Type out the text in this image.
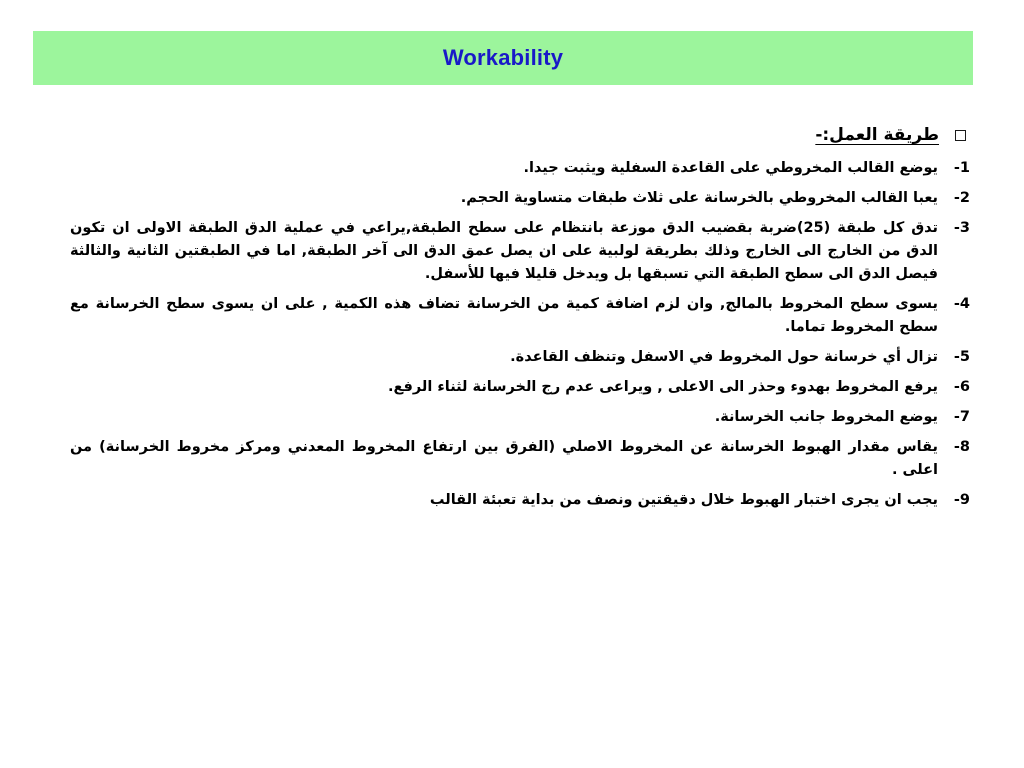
Workability
طريقة العمل:-
1-
يوضع القالب المخروطي على القاعدة السفلية ويثبت جيدا.
2-
يعبا القالب المخروطي بالخرسانة على ثلاث طبقات متساوية الحجم.
3-
تدق كل طبقة (25)ضربة بقضيب الدق موزعة بانتظام على سطح الطبقة,يراعي في عملية الدق الطبقة الاولى ان تكون الدق من الخارج الى الخارج وذلك بطريقة لولبية على ان يصل عمق الدق الى آخر الطبقة, اما في الطبقتين الثانية والثالثة فيصل الدق الى سطح الطبقة التي تسبقها بل ويدخل قليلا فيها للأسفل.
4-
يسوى سطح المخروط بالمالج, وان لزم اضافة كمية من الخرسانة تضاف هذه الكمية , على ان يسوى سطح الخرسانة مع سطح المخروط تماما.
5-
تزال أي خرسانة حول المخروط في الاسفل وتنظف القاعدة.
6-
يرفع المخروط بهدوء وحذر الى الاعلى , ويراعى عدم رج الخرسانة لثناء الرفع.
7-
يوضع المخروط جانب الخرسانة.
8-
يقاس مقدار الهبوط الخرسانة عن المخروط الاصلي (الفرق بين ارتفاع المخروط المعدني ومركز مخروط الخرسانة) من اعلى .
9-
يجب ان يجرى اختبار الهبوط خلال دقيقتين ونصف من بداية تعبئة القالب
